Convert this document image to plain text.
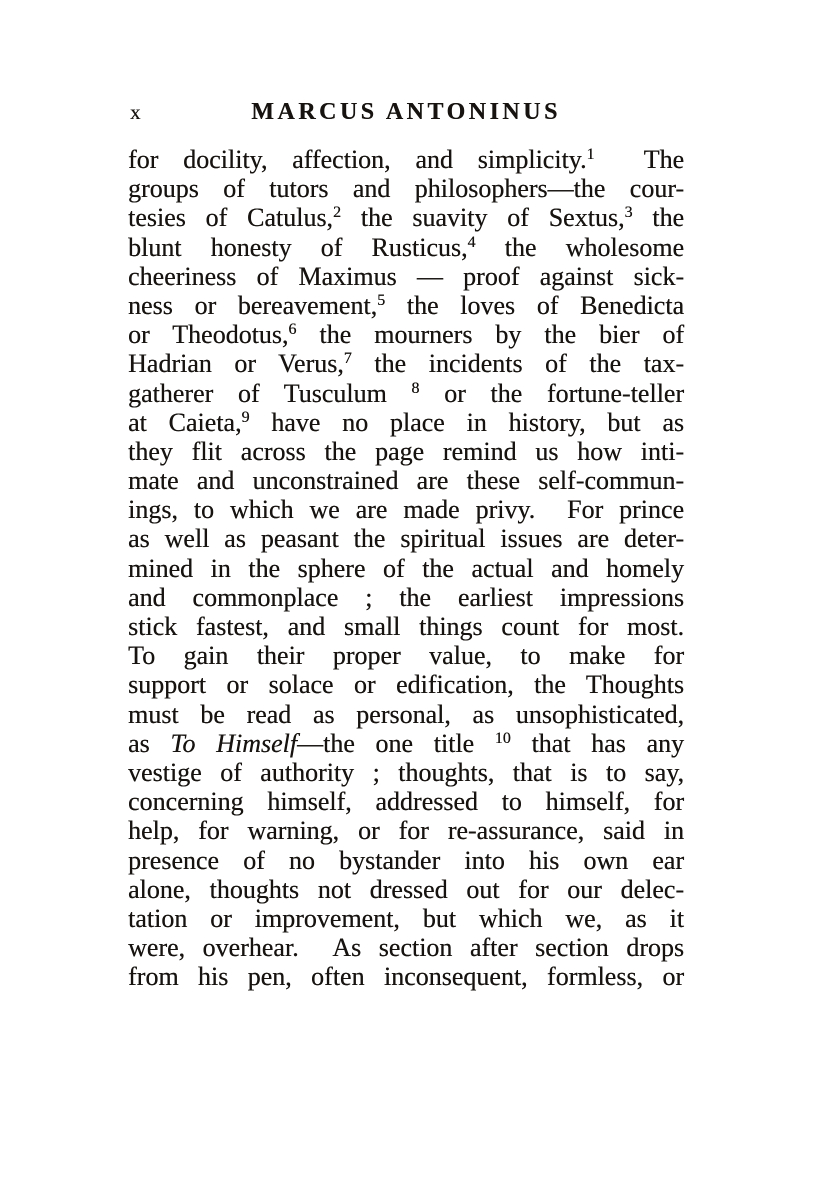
x	MARCUS ANTONINUS
for docility, affection, and simplicity.$^1$  The
groups of tutors and philosophers—the cour-
tesies of Catulus,$^2$ the suavity of Sextus,$^3$ the
blunt honesty of Rusticus,$^4$ the wholesome
cheeriness of Maximus — proof against sick-
ness or bereavement,$^5$ the loves of Benedicta
or Theodotus,$^6$ the mourners by the bier of
Hadrian or Verus,$^7$ the incidents of the tax-
gatherer of Tusculum $^8$ or the fortune-teller
at Caieta,$^9$ have no place in history, but as
they flit across the page remind us how inti-
mate and unconstrained are these self-commun-
ings, to which we are made privy.  For prince
as well as peasant the spiritual issues are deter-
mined in the sphere of the actual and homely
and commonplace ; the earliest impressions
stick fastest, and small things count for most.
To gain their proper value, to make for
support or solace or edification, the Thoughts
must be read as personal, as unsophisticated,
as To Himself—the one title $^{10}$ that has any
vestige of authority ; thoughts, that is to say,
concerning himself, addressed to himself, for
help, for warning, or for re-assurance, said in
presence of no bystander into his own ear
alone, thoughts not dressed out for our delec-
tation or improvement, but which we, as it
were, overhear.  As section after section drops
from his pen, often inconsequent, formless, or
